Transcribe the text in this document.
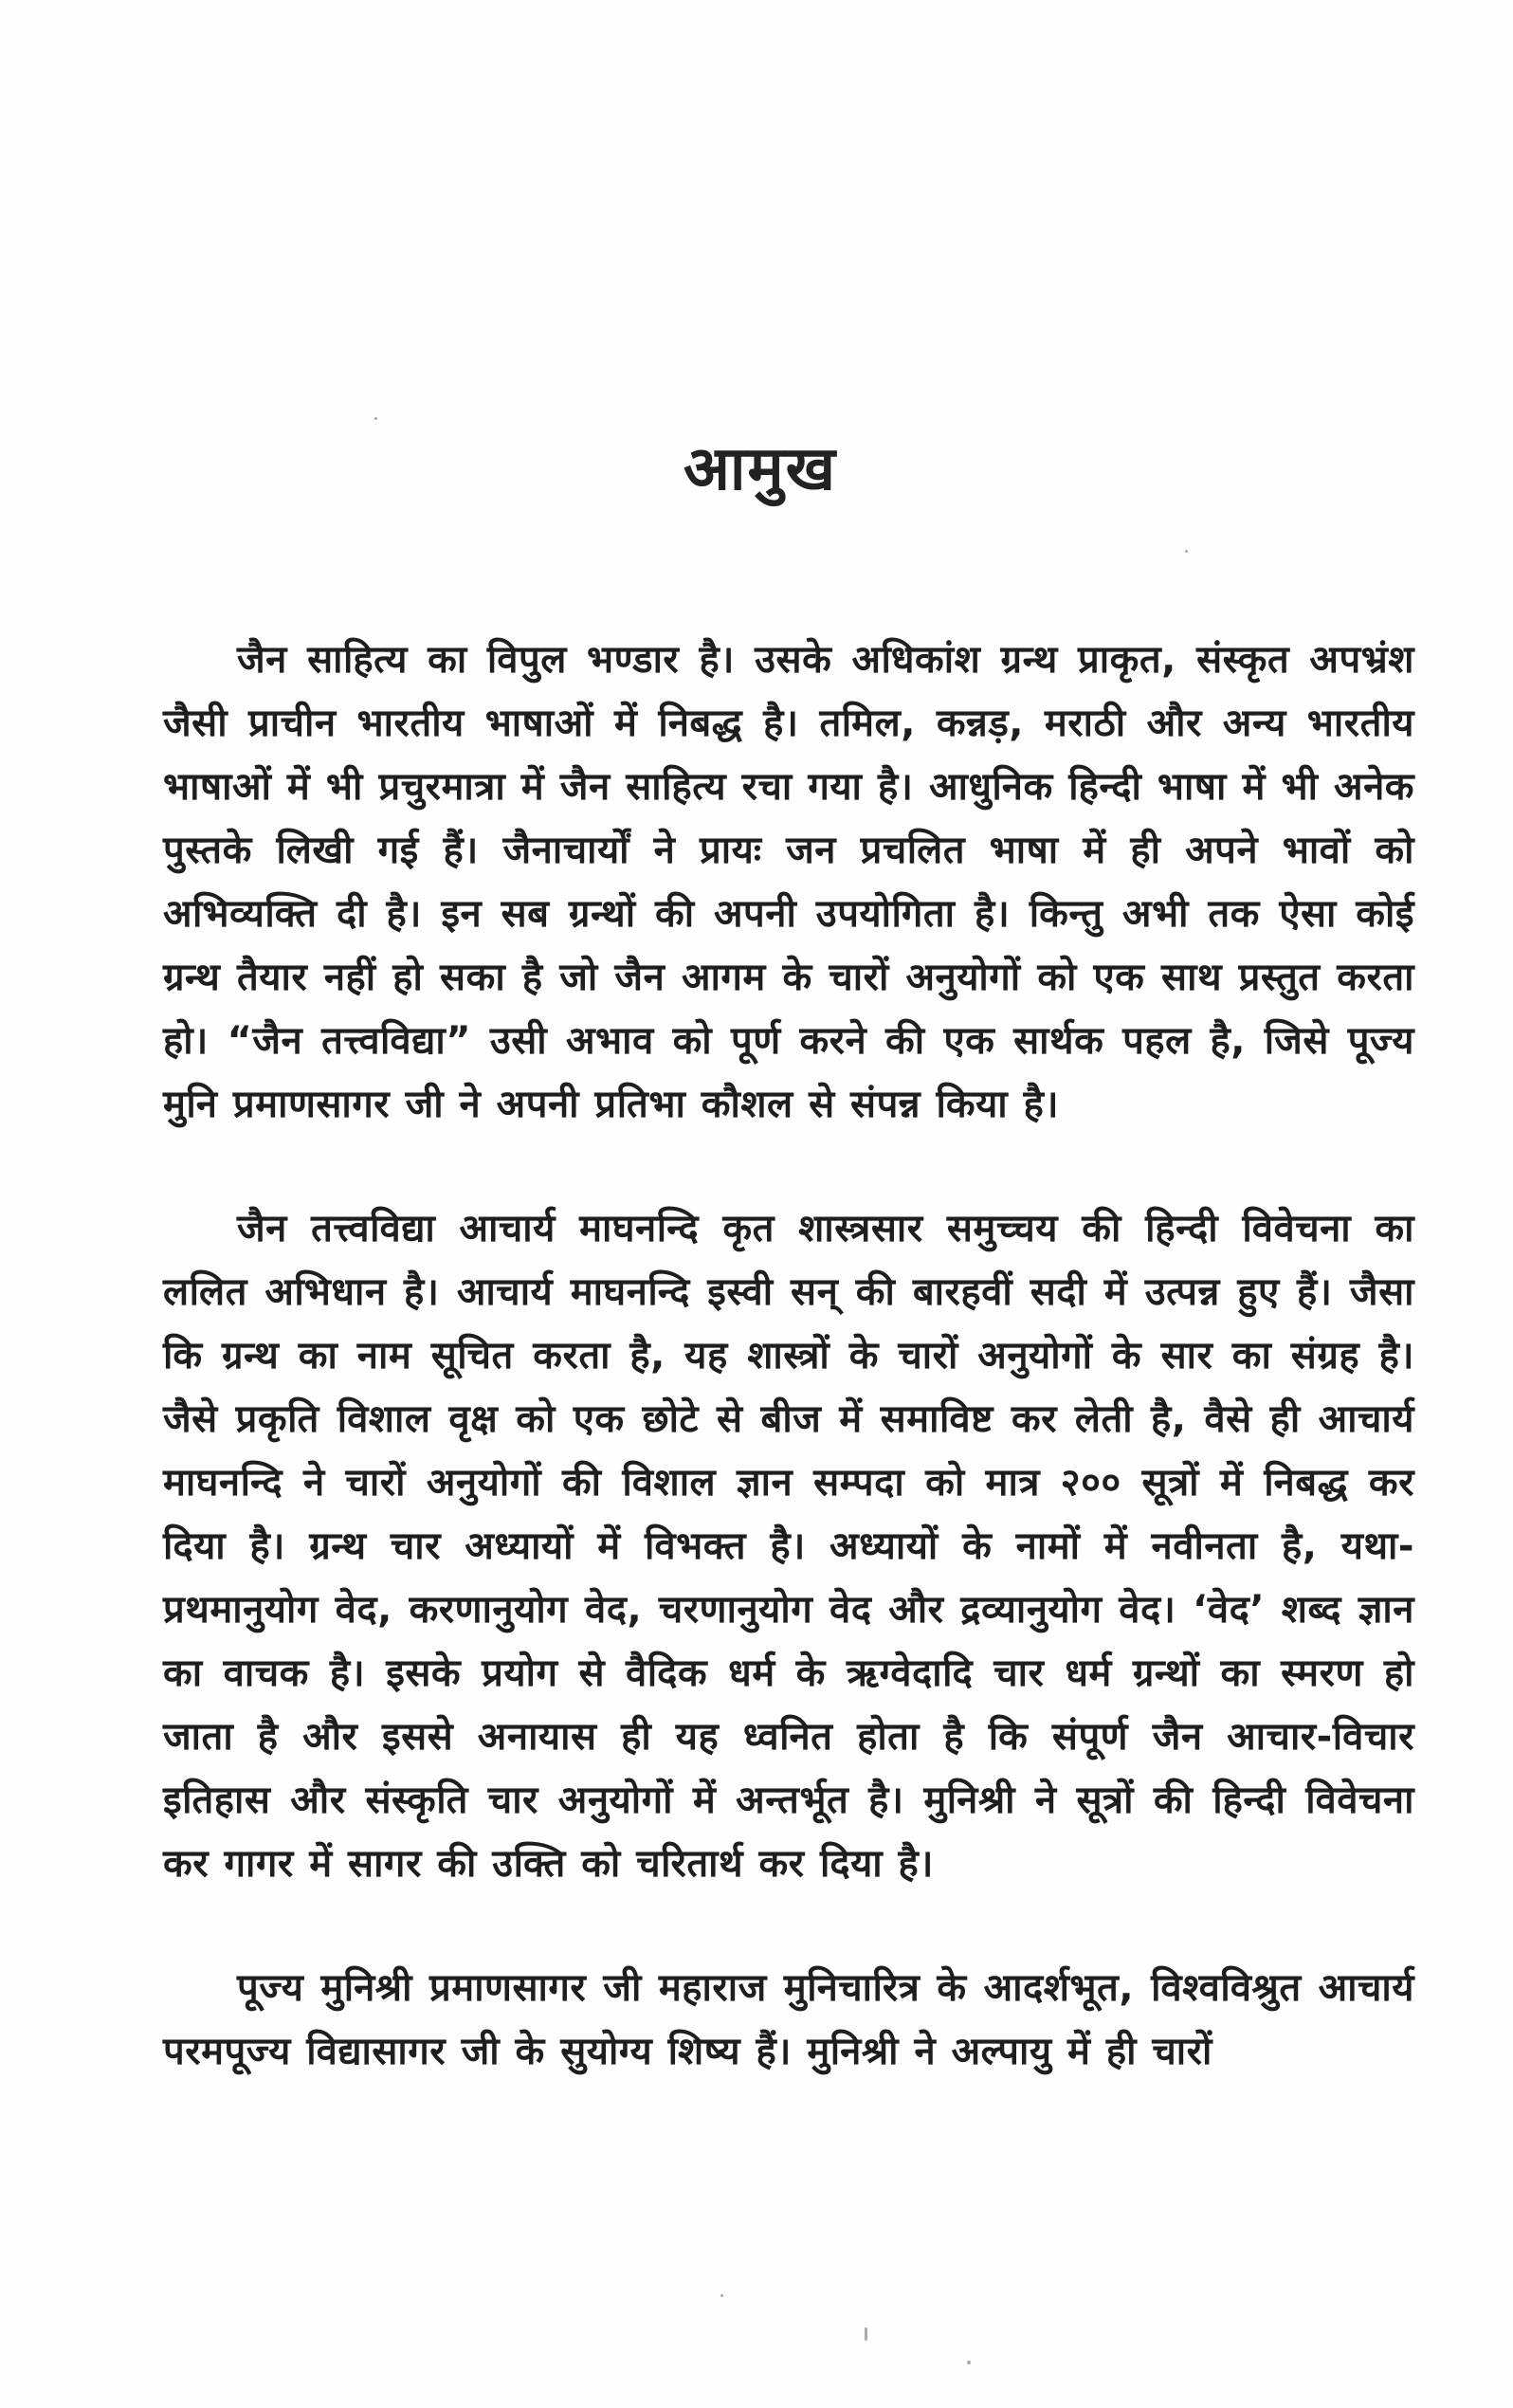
आमुख

जैन साहित्य का विपुल भण्डार है। उसके अधिकांश ग्रन्थ प्राकृत, संस्कृत अपभ्रंश जैसी प्राचीन भारतीय भाषाओं में निबद्ध है। तमिल, कन्नड़, मराठी और अन्य भारतीय भाषाओं में भी प्रचुरमात्रा में जैन साहित्य रचा गया है। आधुनिक हिन्दी भाषा में भी अनेक पुस्तके लिखी गई हैं। जैनाचार्यों ने प्रायः जन प्रचलित भाषा में ही अपने भावों को अभिव्यक्ति दी है। इन सब ग्रन्थों की अपनी उपयोगिता है। किन्तु अभी तक ऐसा कोई ग्रन्थ तैयार नहीं हो सका है जो जैन आगम के चारों अनुयोगों को एक साथ प्रस्तुत करता हो। “जैन तत्त्वविद्या” उसी अभाव को पूर्ण करने की एक सार्थक पहल है, जिसे पूज्य मुनि प्रमाणसागर जी ने अपनी प्रतिभा कौशल से संपन्न किया है।

जैन तत्त्वविद्या आचार्य माघनन्दि कृत शास्त्रसार समुच्चय की हिन्दी विवेचना का ललित अभिधान है। आचार्य माघनन्दि इस्वी सन् की बारहवीं सदी में उत्पन्न हुए हैं। जैसा कि ग्रन्थ का नाम सूचित करता है, यह शास्त्रों के चारों अनुयोगों के सार का संग्रह है। जैसे प्रकृति विशाल वृक्ष को एक छोटे से बीज में समाविष्ट कर लेती है, वैसे ही आचार्य माघनन्दि ने चारों अनुयोगों की विशाल ज्ञान सम्पदा को मात्र २०० सूत्रों में निबद्ध कर दिया है। ग्रन्थ चार अध्यायों में विभक्त है। अध्यायों के नामों में नवीनता है, यथा-प्रथमानुयोग वेद, करणानुयोग वेद, चरणानुयोग वेद और द्रव्यानुयोग वेद। ‘वेद’ शब्द ज्ञान का वाचक है। इसके प्रयोग से वैदिक धर्म के ऋग्वेदादि चार धर्म ग्रन्थों का स्मरण हो जाता है और इससे अनायास ही यह ध्वनित होता है कि संपूर्ण जैन आचार-विचार इतिहास और संस्कृति चार अनुयोगों में अन्तर्भूत है। मुनिश्री ने सूत्रों की हिन्दी विवेचना कर गागर में सागर की उक्ति को चरितार्थ कर दिया है।

पूज्य मुनिश्री प्रमाणसागर जी महाराज मुनिचारित्र के आदर्शभूत, विश्वविश्रुत आचार्य परमपूज्य विद्यासागर जी के सुयोग्य शिष्य हैं। मुनिश्री ने अल्पायु में ही चारों
